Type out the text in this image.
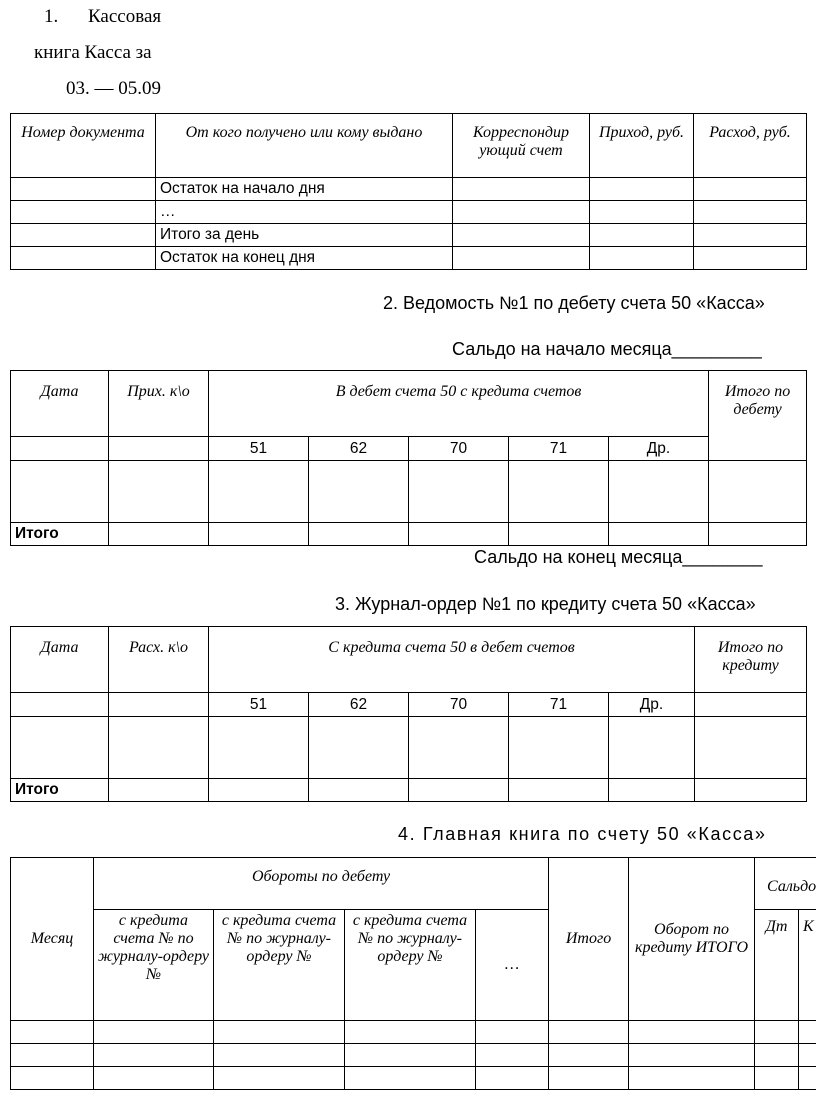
1. Кассовая
книга Касса за
03. — 05.09
Номер документа	От кого получено или кому выдано	Корреспондир ующий счет	Приход, руб.	Расход, руб.
	Остаток на начало дня			
	…			
	Итого за день			
	Остаток на конец дня			
2. Ведомость №1 по дебету счета 50 «Касса»
Сальдо на начало месяца_________
Дата	Прих. к\о	В дебет счета 50 с кредита счетов					Итого по дебету
		51	62	70	71	Др.	

Итого							
Сальдо на конец месяца________
3. Журнал-ордер №1 по кредиту счета 50 «Касса»
Дата	Расх. к\о	С кредита счета 50 в дебет счетов					Итого по кредиту
		51	62	70	71	Др.	

Итого							
4. Главная книга по счету 50 «Касса»
Месяц	Обороты по дебету				Итого	Оборот по кредиту ИТОГО	Сальдо	
	с кредита счета № по журналу-ордеру №	с кредита счета № по журналу-ордеру №	с кредита счета № по журналу-ордеру №	…			Дт	К
